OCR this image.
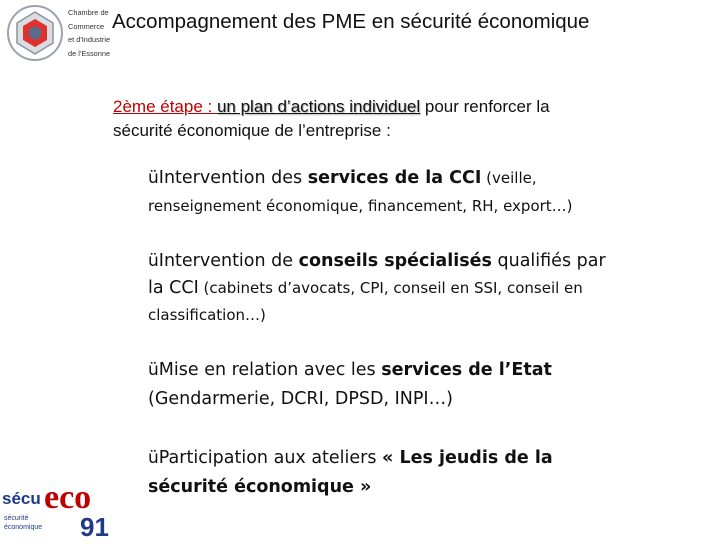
Chambre de
Commerce
et d'Industrie
de l'Essonne
Accompagnement des PME en sécurité économique
2ème étape : un plan d’actions individuel pour renforcer la
sécurité économique de l’entreprise :
üIntervention des services de la CCI (veille,
renseignement économique, financement, RH, export…)
üIntervention de conseils spécialisés qualifiés par
la CCI (cabinets d’avocats, CPI, conseil en SSI, conseil en
classification…)
üMise en relation avec les services de l’Etat
(Gendarmerie, DCRI, DPSD, INPI…)
üParticipation aux ateliers « Les jeudis de la
sécurité économique »
sécu eco
91
sécurité
économique
